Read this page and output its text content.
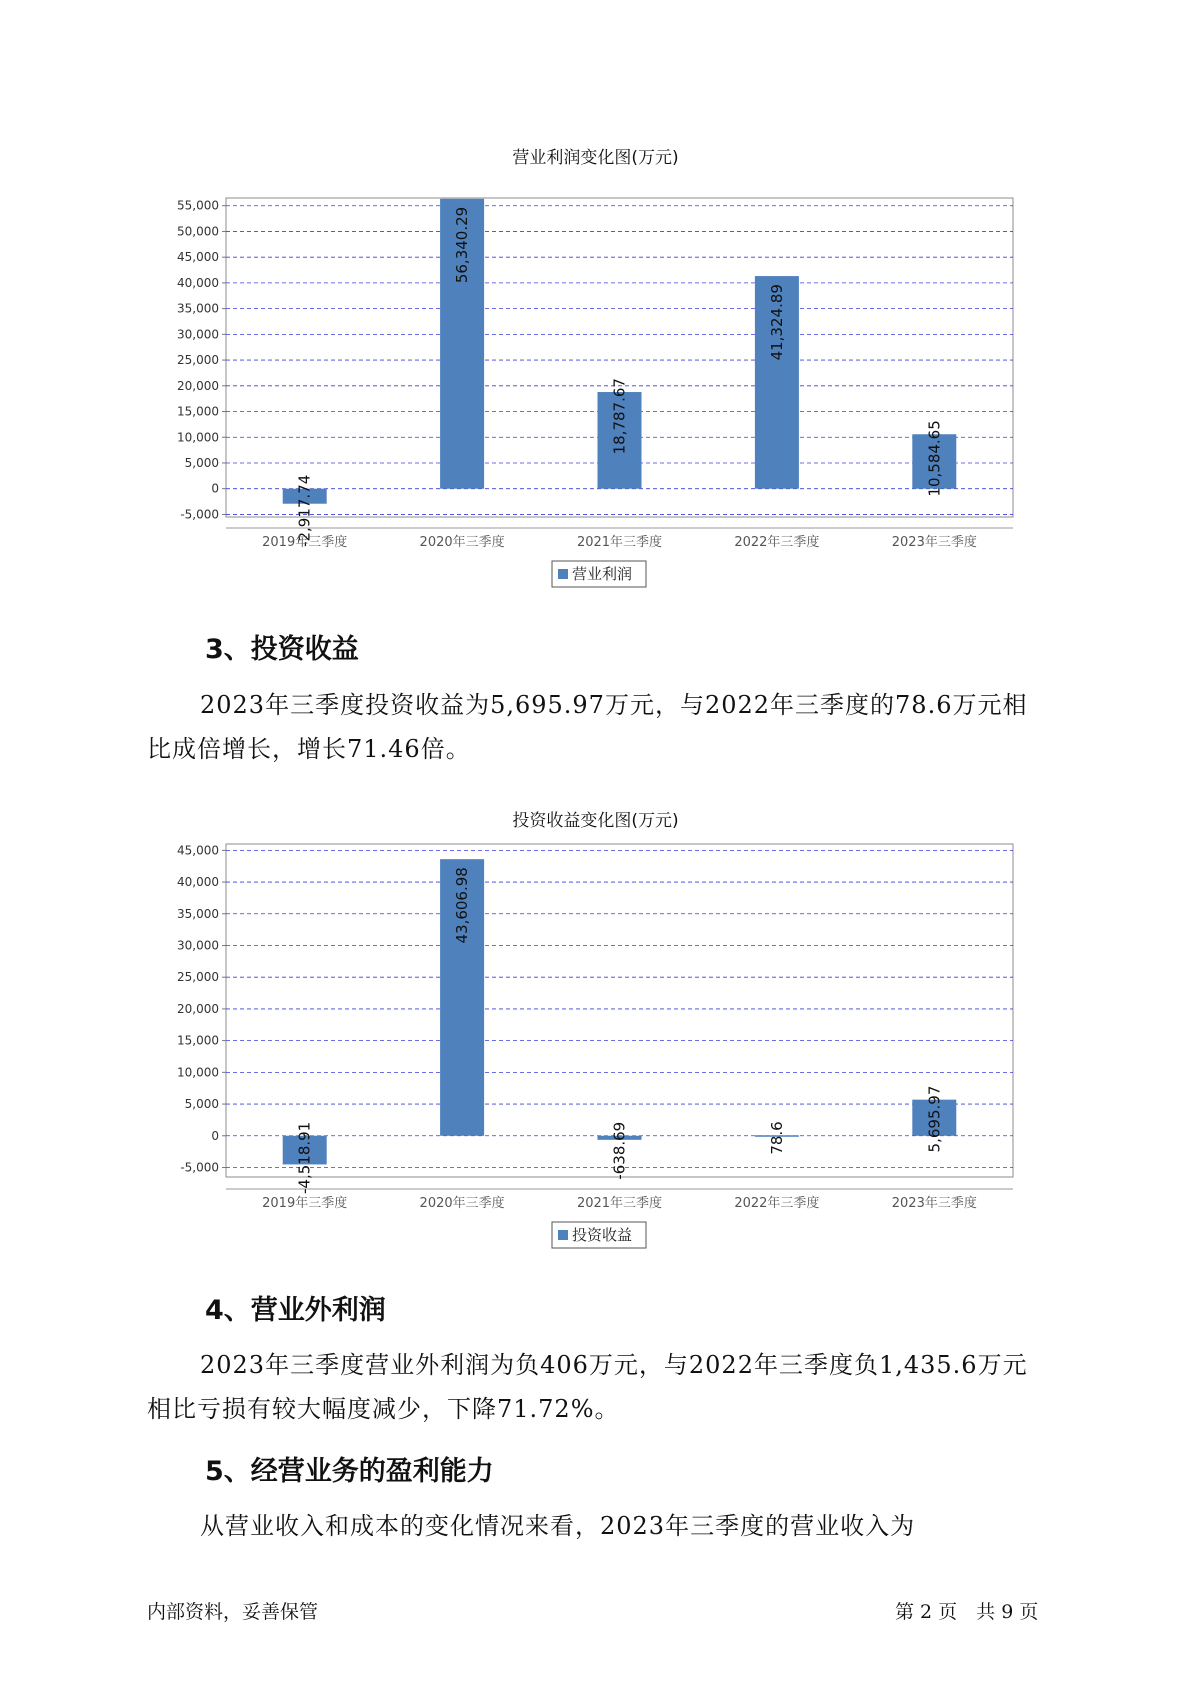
营业利润变化图(万元)
-5,000
0
5,000
10,000
15,000
20,000
25,000
30,000
35,000
40,000
45,000
50,000
55,000
-2,917.74
2019年三季度
56,340.29
2020年三季度
18,787.67
2021年三季度
41,324.89
2022年三季度
10,584.65
2023年三季度
营业利润
3、投资收益

2023年三季度投资收益为5,695.97万元，与2022年三季度的78.6万元相比成倍增长，增长71.46倍。

投资收益变化图(万元)
-5,000
0
5,000
10,000
15,000
20,000
25,000
30,000
35,000
40,000
45,000
-4,518.91
2019年三季度
43,606.98
2020年三季度
-638.69
2021年三季度
78.6
2022年三季度
5,695.97
2023年三季度
投资收益
4、营业外利润

2023年三季度营业外利润为负406万元，与2022年三季度负1,435.6万元相比亏损有较大幅度减少，下降71.72%。

5、经营业务的盈利能力

从营业收入和成本的变化情况来看，2023年三季度的营业收入为

内部资料，妥善保管	第 2 页　共 9 页
